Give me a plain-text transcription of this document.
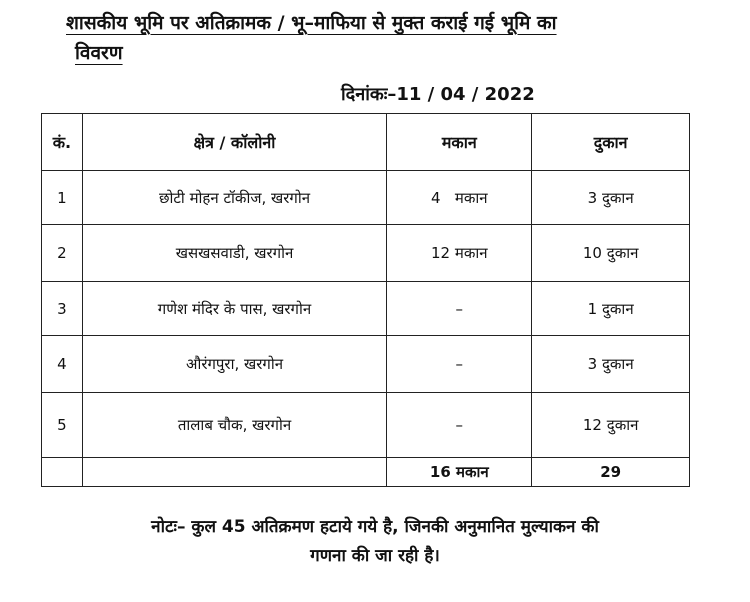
शासकीय भूमि पर अतिक्रामक / भू–माफिया से मुक्त कराई गई भूमि का
विवरण
दिनांकः–11 / 04 / 2022
कं.	क्षेत्र / कॉलोनी	मकान	दुकान
1	छोटी मोहन टॉकीज, खरगोन	4   मकान	3 दुकान
2	खसखसवाडी, खरगोन	12 मकान	10 दुकान
3	गणेश मंदिर के पास, खरगोन	–	1 दुकान
4	औरंगपुरा, खरगोन	–	3 दुकान
5	तालाब चौक, खरगोन	–	12 दुकान
		16 मकान	29
नोटः– कुल 45 अतिक्रमण हटाये गये है, जिनकी अनुमानित मुल्याकन की
गणना की जा रही है।
